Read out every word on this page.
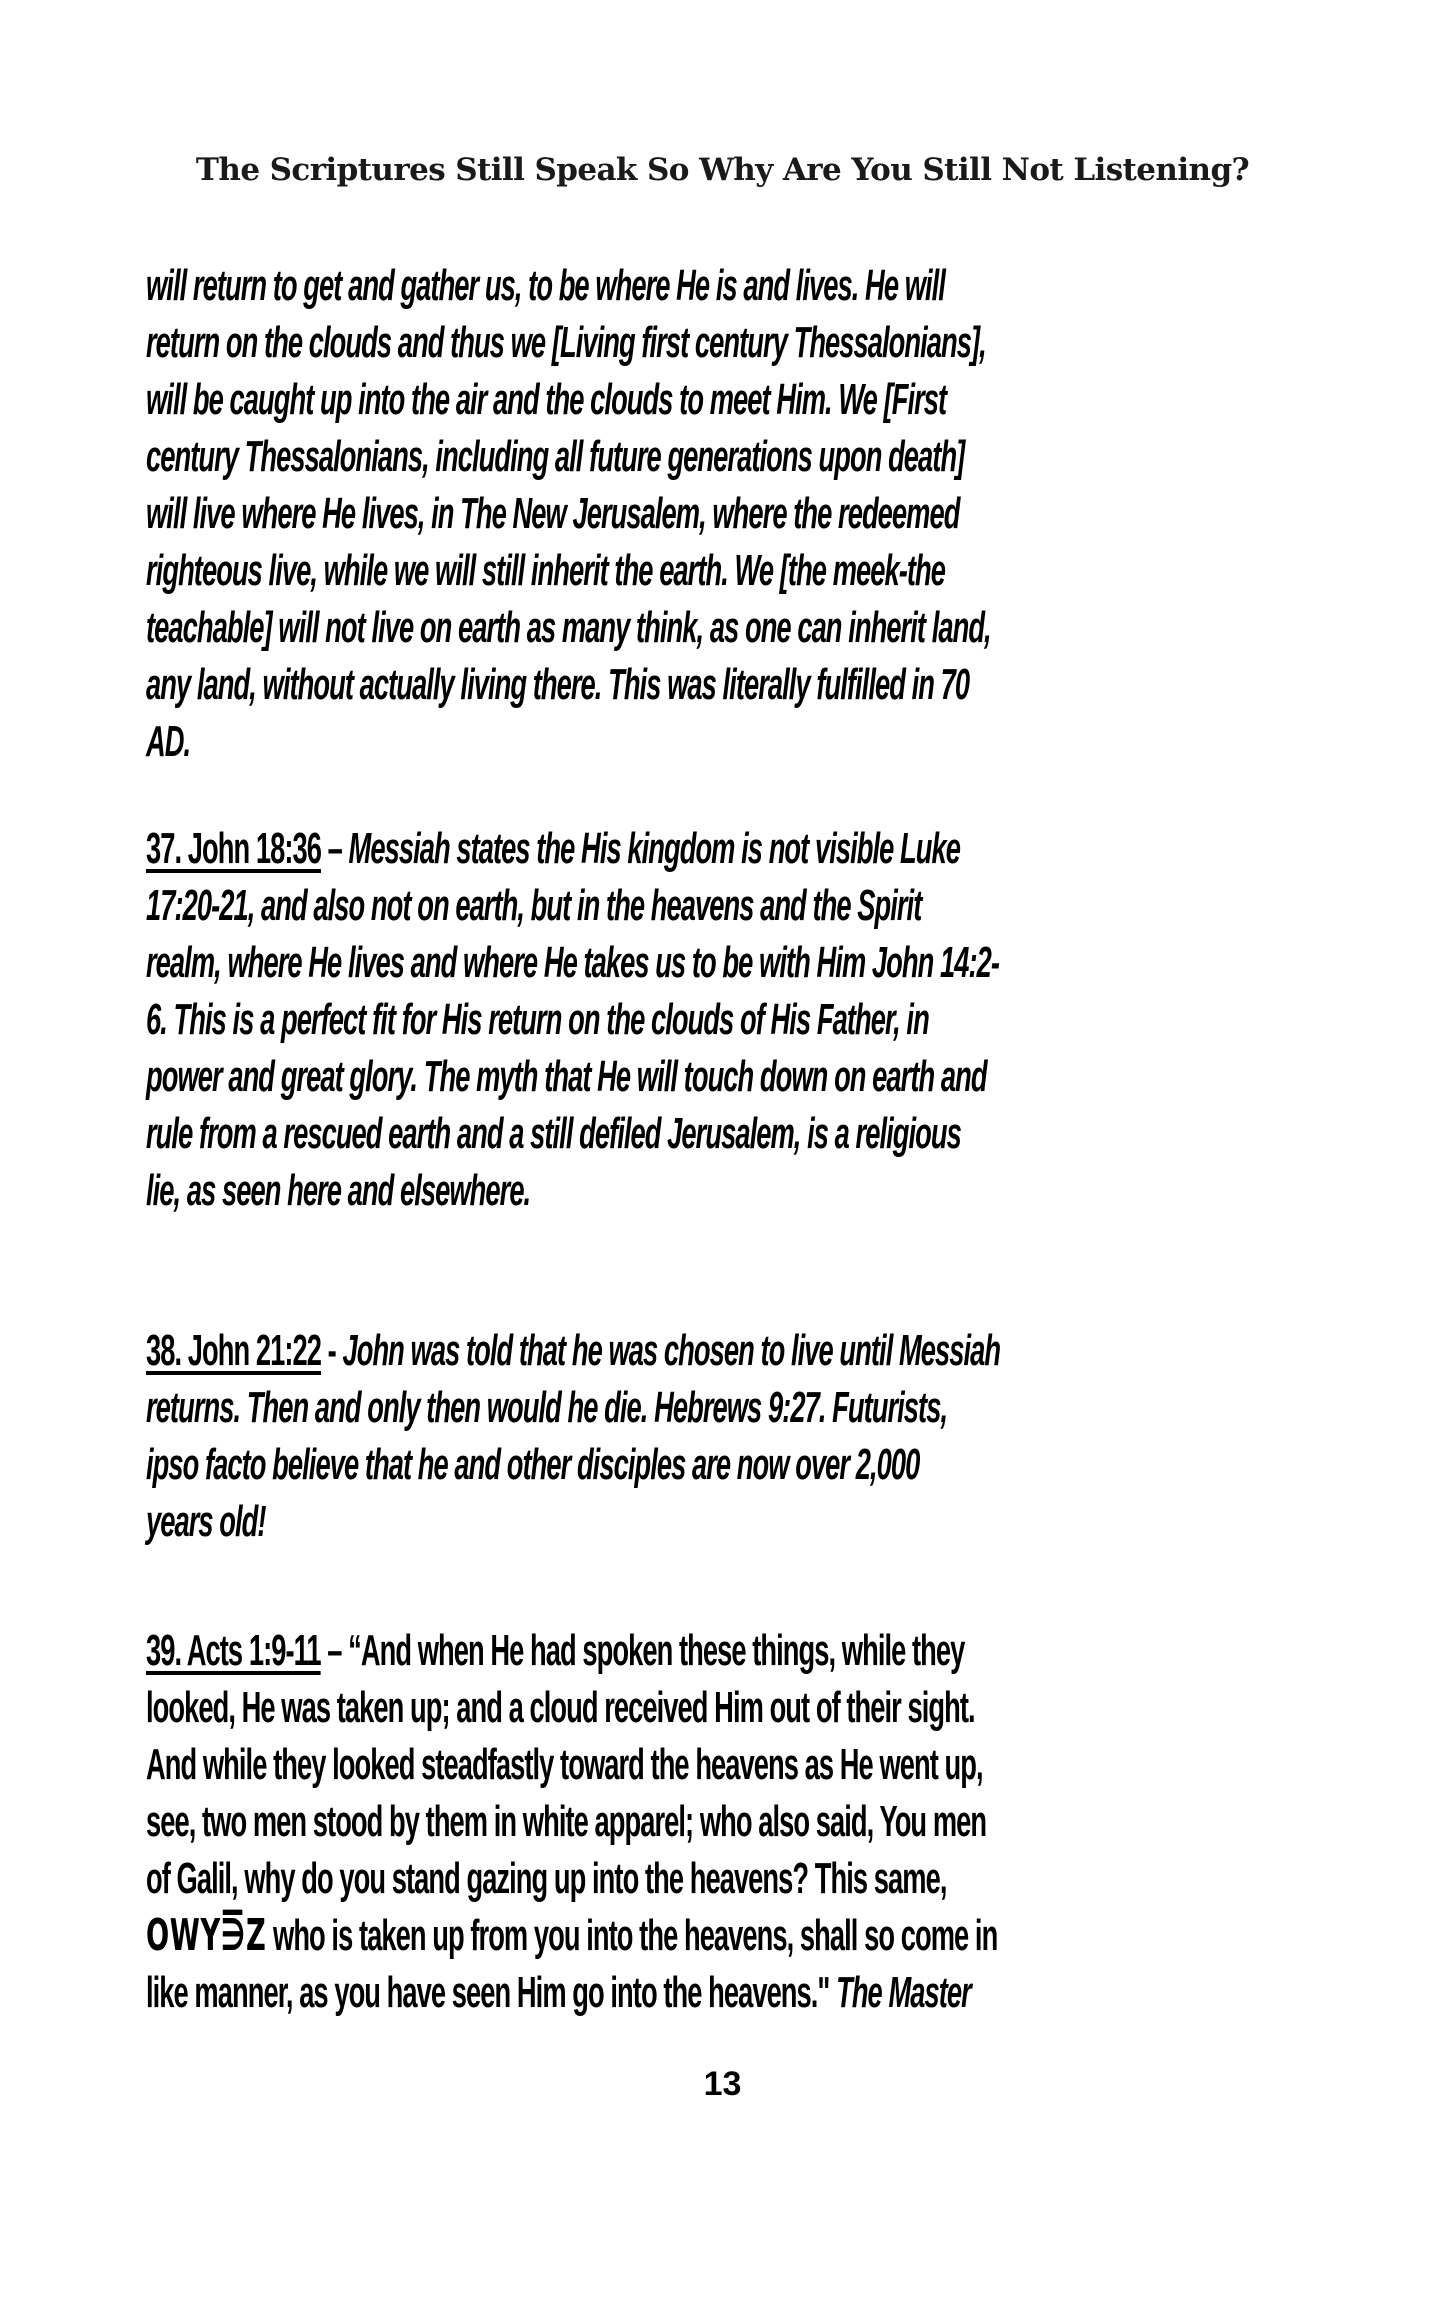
The Scriptures Still Speak So Why Are You Still Not Listening?
will return to get and gather us, to be where He is and lives. He will
return on the clouds and thus we [Living first century Thessalonians],
will be caught up into the air and the clouds to meet Him. We [First
century Thessalonians, including all future generations upon death]
will live where He lives, in The New Jerusalem, where the redeemed
righteous live, while we will still inherit the earth. We [the meek-the
teachable] will not live on earth as many think, as one can inherit land,
any land, without actually living there. This was literally fulfilled in 70
AD.
37. John 18:36 – Messiah states the His kingdom is not visible Luke
17:20-21, and also not on earth, but in the heavens and the Spirit
realm, where He lives and where He takes us to be with Him John 14:2-
6. This is a perfect fit for His return on the clouds of His Father, in
power and great glory. The myth that He will touch down on earth and
rule from a rescued earth and a still defiled Jerusalem, is a religious
lie, as seen here and elsewhere.
38. John 21:22 - John was told that he was chosen to live until Messiah
returns. Then and only then would he die. Hebrews 9:27. Futurists,
ipso facto believe that he and other disciples are now over 2,000
years old!
39. Acts 1:9-11 – “And when He had spoken these things, while they
looked, He was taken up; and a cloud received Him out of their sight.
And while they looked steadfastly toward the heavens as He went up,
see, two men stood by them in white apparel; who also said, You men
of Galil, why do you stand gazing up into the heavens? This same,
OWY⋽Z who is taken up from you into the heavens, shall so come in
like manner, as you have seen Him go into the heavens." The Master
13
